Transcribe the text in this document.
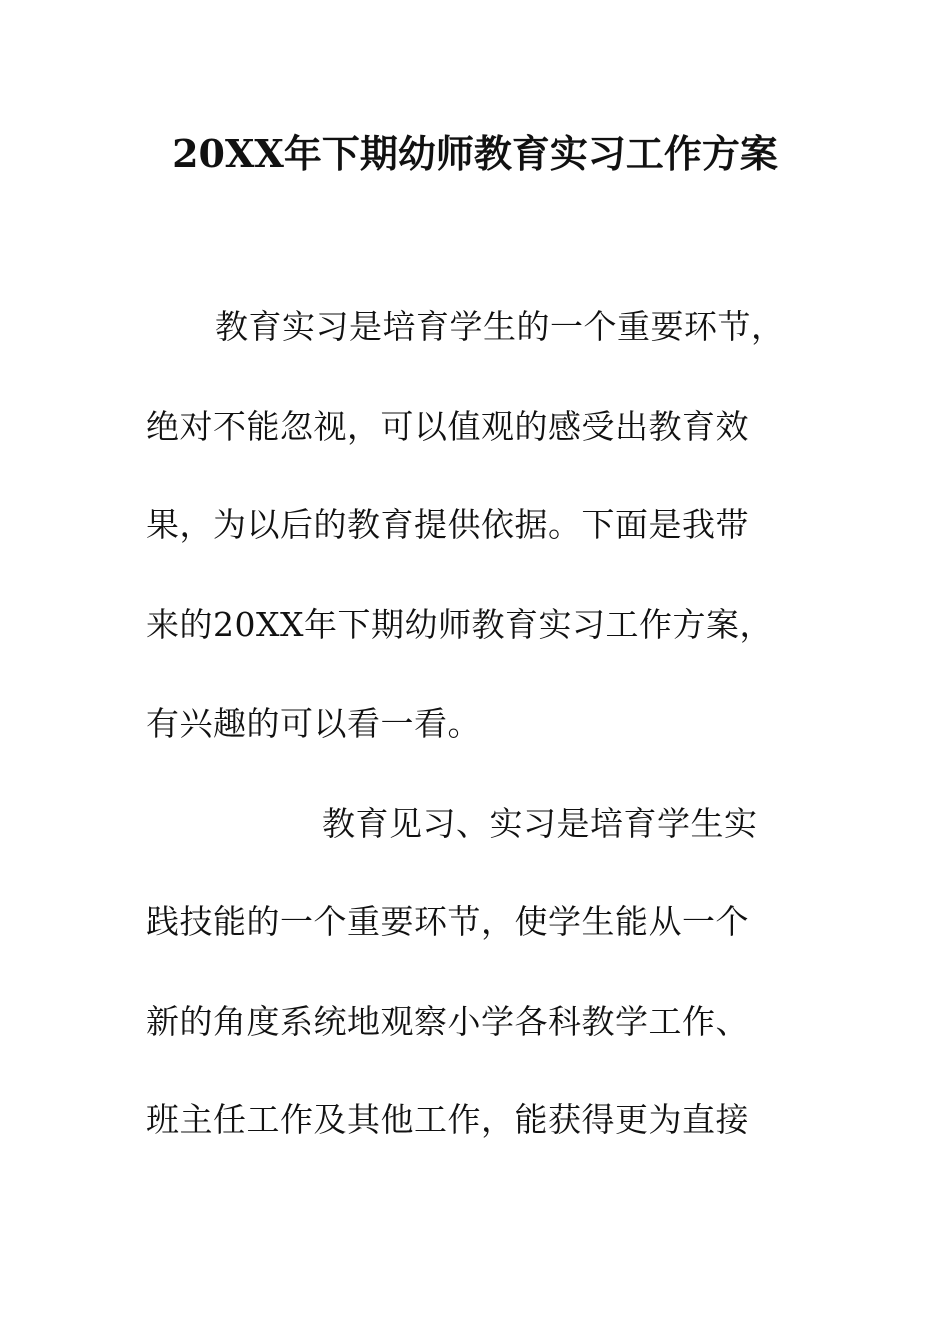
20XX年下期幼师教育实习工作方案
教育实习是培育学生的一个重要环节，
绝对不能忽视，可以值观的感受出教育效
果，为以后的教育提供依据。下面是我带
来的20XX年下期幼师教育实习工作方案，
有兴趣的可以看一看。
教育见习、实习是培育学生实
践技能的一个重要环节，使学生能从一个
新的角度系统地观察小学各科教学工作、
班主任工作及其他工作，能获得更为直接
